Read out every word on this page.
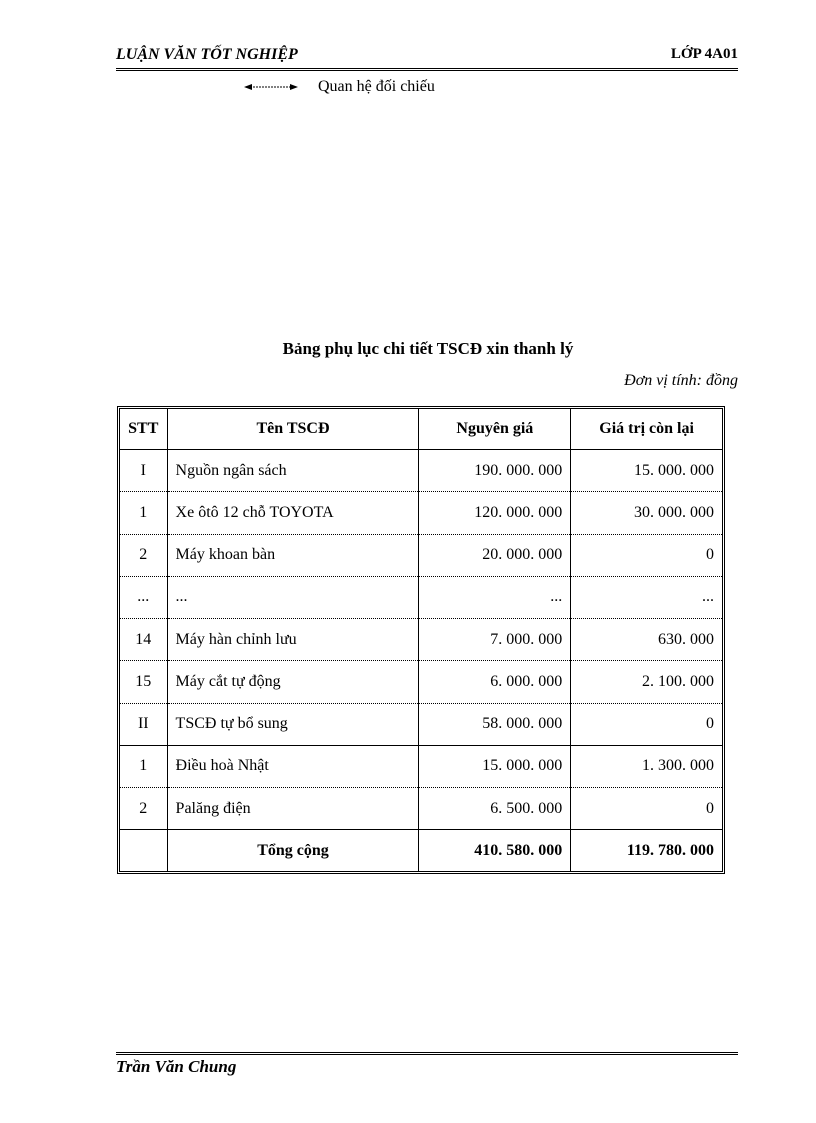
LUẬN VĂN TỐT NGHIỆP	LỚP 4A01
Quan hệ đối chiếu
Bảng phụ lục chi tiết TSCĐ xin thanh lý
Đơn vị tính: đồng
STT	Tên TSCĐ	Nguyên giá	Giá trị còn lại
I	Nguồn ngân sách	190. 000. 000	15. 000. 000
1	Xe ôtô 12 chỗ TOYOTA	120. 000. 000	30. 000. 000
2	Máy khoan bàn	20. 000. 000	0
...	...	...	...
14	Máy hàn chỉnh lưu	7. 000. 000	630. 000
15	Máy cắt tự động	6. 000. 000	2. 100. 000
II	TSCĐ tự bổ sung	58. 000. 000	0
1	Điều hoà Nhật	15. 000. 000	1. 300. 000
2	Palăng điện	6. 500. 000	0
	Tổng cộng	410. 580. 000	119. 780. 000
Trần Văn Chung
